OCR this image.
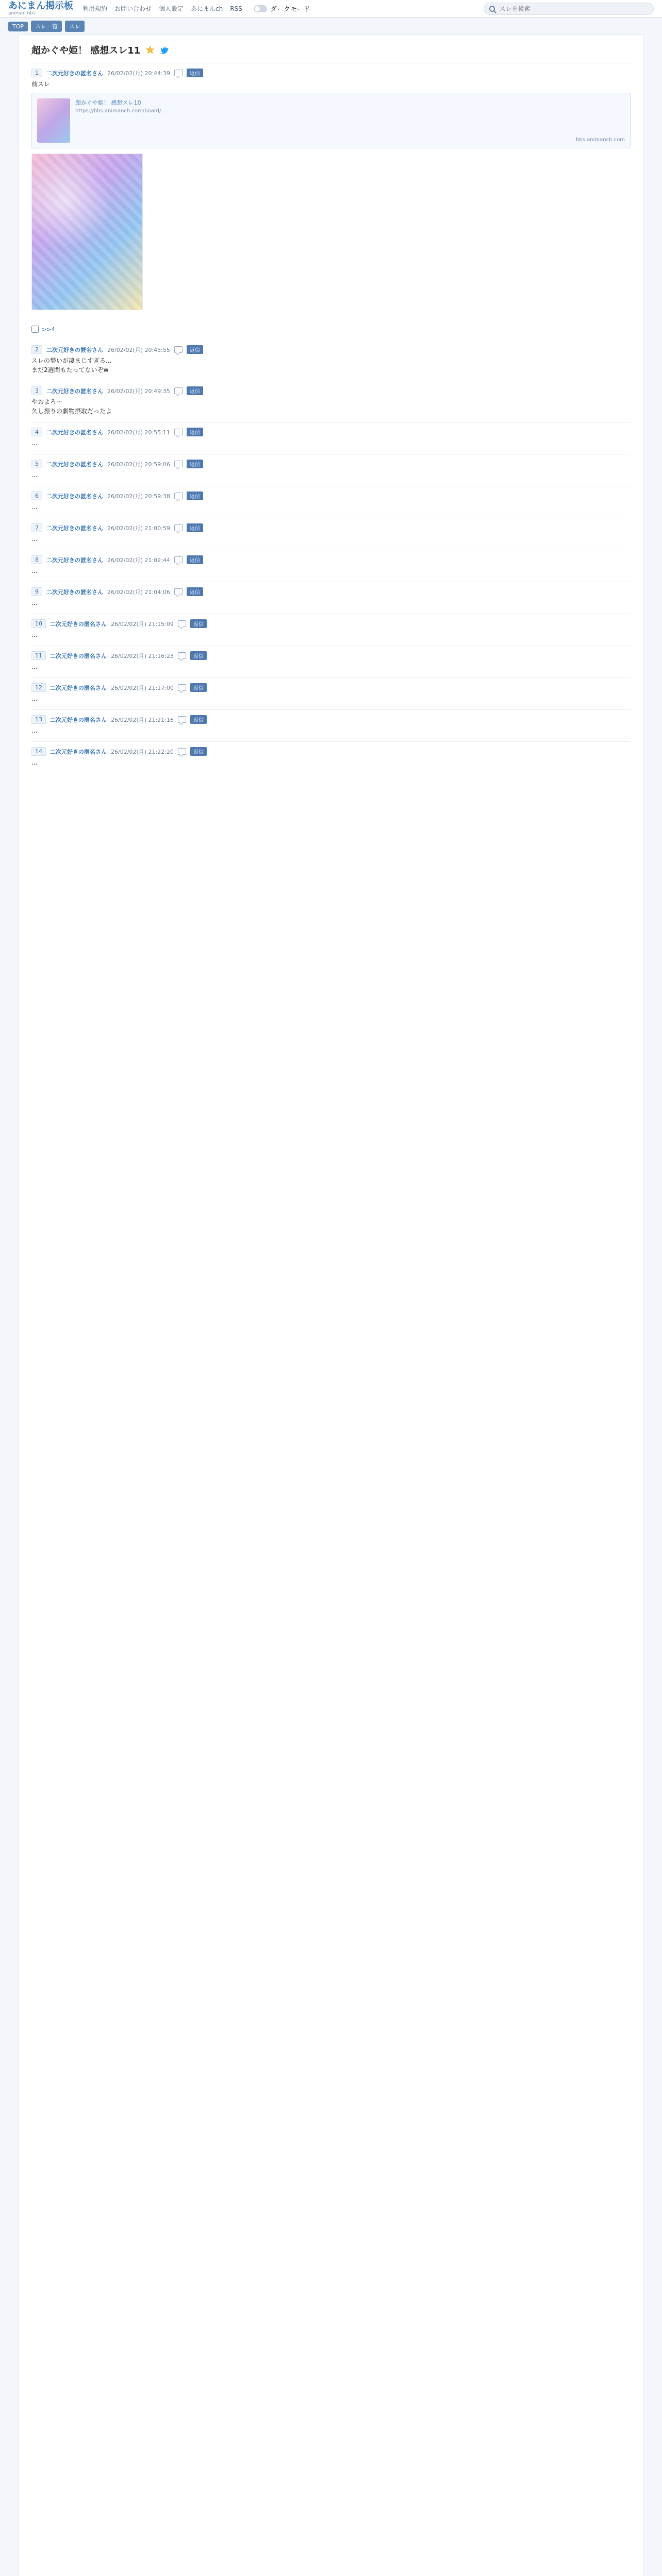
あにまん掲示板
animan bbs
利用規約 お問い合わせ 個人設定 あにまんch RSS	ダークモード
スレを検索
TOP	スレ一覧	スレ
超かぐや姫！ 感想スレ11
1	二次元好きの匿名さん 26/02/02(月) 20:44:39	返信
前スレ
超かぐや姫！ 感想スレ10
https://bbs.animanch.com/board/...
bbs.animanch.com
>>4
2	二次元好きの匿名さん 26/02/02(月) 20:45:55	返信
スレの勢いが凄まじすぎる...
まだ2週間もたってないぞw
3	二次元好きの匿名さん 26/02/02(月) 20:49:35	返信
やおよろ〜
久し振りの劇物摂取だったよ
4	二次元好きの匿名さん 26/02/02(月) 20:55:11	返信
...
5	二次元好きの匿名さん 26/02/02(月) 20:59:06	返信
...
6	二次元好きの匿名さん 26/02/02(月) 20:59:38	返信
...
7	二次元好きの匿名さん 26/02/02(月) 21:00:59	返信
...
8	二次元好きの匿名さん 26/02/02(月) 21:02:44	返信
...
9	二次元好きの匿名さん 26/02/02(月) 21:04:06	返信
...
10	二次元好きの匿名さん 26/02/02(月) 21:15:09	返信
...
11	二次元好きの匿名さん 26/02/02(月) 21:16:23	返信
...
12	二次元好きの匿名さん 26/02/02(月) 21:17:00	返信
...
13	二次元好きの匿名さん 26/02/02(月) 21:21:16	返信
...
14	二次元好きの匿名さん 26/02/02(月) 21:22:20	返信
...
